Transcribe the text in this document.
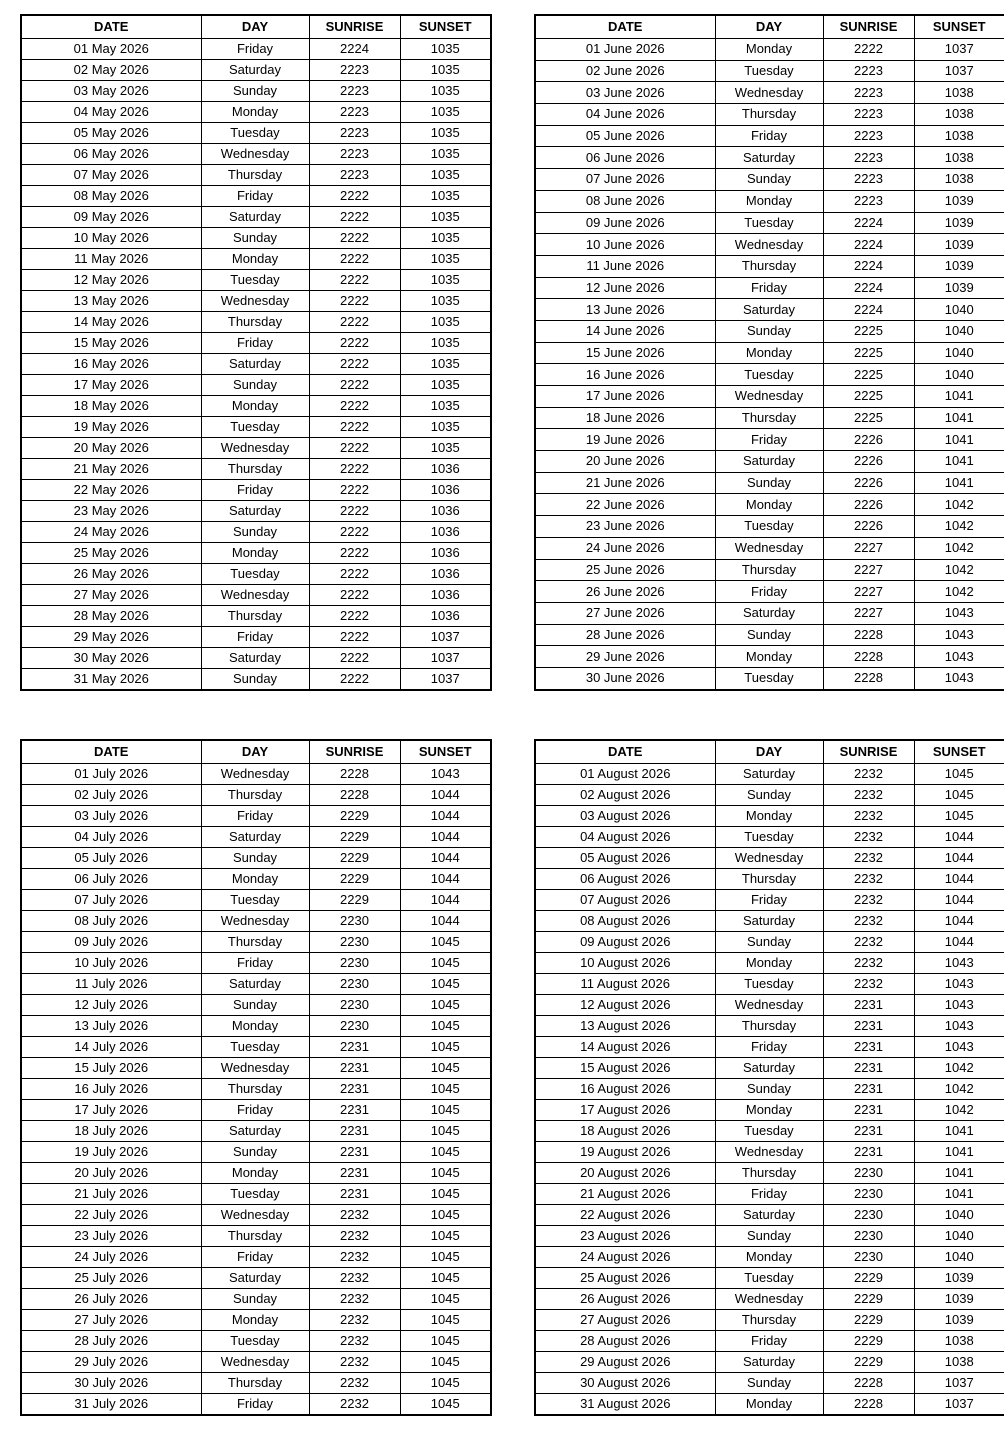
DATE	DAY	SUNRISE	SUNSET
01 May 2026	Friday	2224	1035
02 May 2026	Saturday	2223	1035
03 May 2026	Sunday	2223	1035
04 May 2026	Monday	2223	1035
05 May 2026	Tuesday	2223	1035
06 May 2026	Wednesday	2223	1035
07 May 2026	Thursday	2223	1035
08 May 2026	Friday	2222	1035
09 May 2026	Saturday	2222	1035
10 May 2026	Sunday	2222	1035
11 May 2026	Monday	2222	1035
12 May 2026	Tuesday	2222	1035
13 May 2026	Wednesday	2222	1035
14 May 2026	Thursday	2222	1035
15 May 2026	Friday	2222	1035
16 May 2026	Saturday	2222	1035
17 May 2026	Sunday	2222	1035
18 May 2026	Monday	2222	1035
19 May 2026	Tuesday	2222	1035
20 May 2026	Wednesday	2222	1035
21 May 2026	Thursday	2222	1036
22 May 2026	Friday	2222	1036
23 May 2026	Saturday	2222	1036
24 May 2026	Sunday	2222	1036
25 May 2026	Monday	2222	1036
26 May 2026	Tuesday	2222	1036
27 May 2026	Wednesday	2222	1036
28 May 2026	Thursday	2222	1036
29 May 2026	Friday	2222	1037
30 May 2026	Saturday	2222	1037
31 May 2026	Sunday	2222	1037
DATE	DAY	SUNRISE	SUNSET
01 June 2026	Monday	2222	1037
02 June 2026	Tuesday	2223	1037
03 June 2026	Wednesday	2223	1038
04 June 2026	Thursday	2223	1038
05 June 2026	Friday	2223	1038
06 June 2026	Saturday	2223	1038
07 June 2026	Sunday	2223	1038
08 June 2026	Monday	2223	1039
09 June 2026	Tuesday	2224	1039
10 June 2026	Wednesday	2224	1039
11 June 2026	Thursday	2224	1039
12 June 2026	Friday	2224	1039
13 June 2026	Saturday	2224	1040
14 June 2026	Sunday	2225	1040
15 June 2026	Monday	2225	1040
16 June 2026	Tuesday	2225	1040
17 June 2026	Wednesday	2225	1041
18 June 2026	Thursday	2225	1041
19 June 2026	Friday	2226	1041
20 June 2026	Saturday	2226	1041
21 June 2026	Sunday	2226	1041
22 June 2026	Monday	2226	1042
23 June 2026	Tuesday	2226	1042
24 June 2026	Wednesday	2227	1042
25 June 2026	Thursday	2227	1042
26 June 2026	Friday	2227	1042
27 June 2026	Saturday	2227	1043
28 June 2026	Sunday	2228	1043
29 June 2026	Monday	2228	1043
30 June 2026	Tuesday	2228	1043
DATE	DAY	SUNRISE	SUNSET
01 July 2026	Wednesday	2228	1043
02 July 2026	Thursday	2228	1044
03 July 2026	Friday	2229	1044
04 July 2026	Saturday	2229	1044
05 July 2026	Sunday	2229	1044
06 July 2026	Monday	2229	1044
07 July 2026	Tuesday	2229	1044
08 July 2026	Wednesday	2230	1044
09 July 2026	Thursday	2230	1045
10 July 2026	Friday	2230	1045
11 July 2026	Saturday	2230	1045
12 July 2026	Sunday	2230	1045
13 July 2026	Monday	2230	1045
14 July 2026	Tuesday	2231	1045
15 July 2026	Wednesday	2231	1045
16 July 2026	Thursday	2231	1045
17 July 2026	Friday	2231	1045
18 July 2026	Saturday	2231	1045
19 July 2026	Sunday	2231	1045
20 July 2026	Monday	2231	1045
21 July 2026	Tuesday	2231	1045
22 July 2026	Wednesday	2232	1045
23 July 2026	Thursday	2232	1045
24 July 2026	Friday	2232	1045
25 July 2026	Saturday	2232	1045
26 July 2026	Sunday	2232	1045
27 July 2026	Monday	2232	1045
28 July 2026	Tuesday	2232	1045
29 July 2026	Wednesday	2232	1045
30 July 2026	Thursday	2232	1045
31 July 2026	Friday	2232	1045
DATE	DAY	SUNRISE	SUNSET
01 August 2026	Saturday	2232	1045
02 August 2026	Sunday	2232	1045
03 August 2026	Monday	2232	1045
04 August 2026	Tuesday	2232	1044
05 August 2026	Wednesday	2232	1044
06 August 2026	Thursday	2232	1044
07 August 2026	Friday	2232	1044
08 August 2026	Saturday	2232	1044
09 August 2026	Sunday	2232	1044
10 August 2026	Monday	2232	1043
11 August 2026	Tuesday	2232	1043
12 August 2026	Wednesday	2231	1043
13 August 2026	Thursday	2231	1043
14 August 2026	Friday	2231	1043
15 August 2026	Saturday	2231	1042
16 August 2026	Sunday	2231	1042
17 August 2026	Monday	2231	1042
18 August 2026	Tuesday	2231	1041
19 August 2026	Wednesday	2231	1041
20 August 2026	Thursday	2230	1041
21 August 2026	Friday	2230	1041
22 August 2026	Saturday	2230	1040
23 August 2026	Sunday	2230	1040
24 August 2026	Monday	2230	1040
25 August 2026	Tuesday	2229	1039
26 August 2026	Wednesday	2229	1039
27 August 2026	Thursday	2229	1039
28 August 2026	Friday	2229	1038
29 August 2026	Saturday	2229	1038
30 August 2026	Sunday	2228	1037
31 August 2026	Monday	2228	1037
